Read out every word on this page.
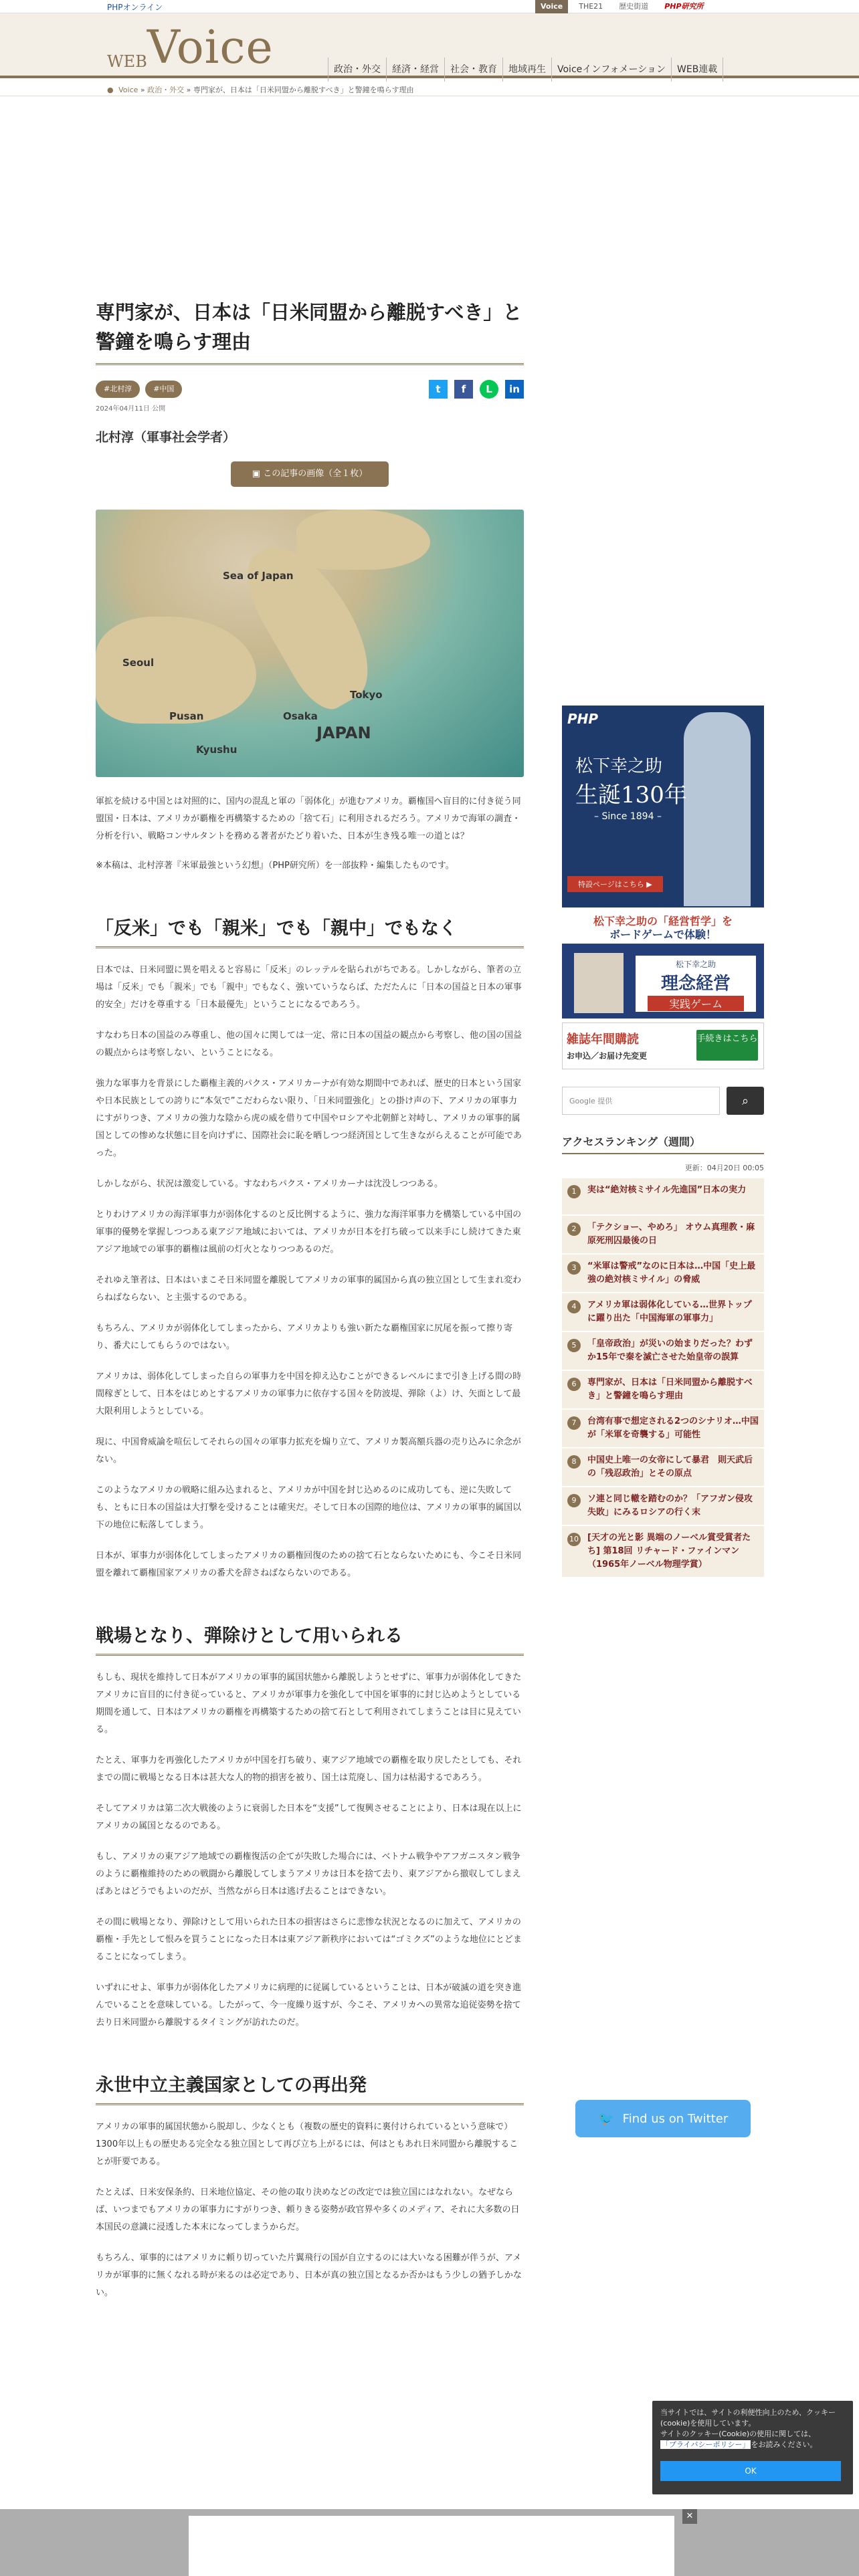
PHPオンライン	Voice	THE21	歴史街道	PHP研究所
WEBVoice	政治・外交	経済・経営	社会・教育	地域再生	Voiceインフォメーション	WEB連載
● Voice » 政治・外交 » 専門家が、日本は「日米同盟から離脱すべき」と警鐘を鳴らす理由
専門家が、日本は「日米同盟から離脱すべき」と警鐘を鳴らす理由
#北村淳	#中国	t	f	L	in
2024年04月11日 公開
北村淳（軍事社会学者）
▣ この記事の画像（全１枚）
Sea of Japan
Seoul
Pusan
Tokyo
Osaka
JAPAN
Kyushu

軍拡を続ける中国とは対照的に、国内の混乱と軍の「弱体化」が進むアメリカ。覇権国へ盲目的に付き従う同盟国・日本は、アメリカが覇権を再構築するための「捨て石」に利用されるだろう。アメリカで海軍の調査・分析を行い、戦略コンサルタントを務める著者がたどり着いた、日本が生き残る唯一の道とは？

※本稿は、北村淳著『米軍最強という幻想』（PHP研究所）を一部抜粋・編集したものです。

「反米」でも「親米」でも「親中」でもなく

日本では、日米同盟に異を唱えると容易に「反米」のレッテルを貼られがちである。しかしながら、筆者の立場は「反米」でも「親米」でも「親中」でもなく、強いていうならば、ただたんに「日本の国益と日本の軍事的安全」だけを尊重する「日本最優先」ということになるであろう。

すなわち日本の国益のみ尊重し、他の国々に関しては一定、常に日本の国益の観点から考察し、他の国の国益の観点からは考察しない、ということになる。

強力な軍事力を背景にした覇権主義的パクス・アメリカーナが有効な期間中であれば、歴史的日本という国家や日本民族としての誇りに“本気で”こだわらない限り、「日米同盟強化」との掛け声の下、アメリカの軍事力にすがりつき、アメリカの強力な陰から虎の威を借りて中国やロシアや北朝鮮と対峙し、アメリカの軍事的属国としての惨めな状態に目を向けずに、国際社会に恥を晒しつつ経済国として生きながらえることが可能であった。

しかしながら、状況は激変している。すなわちパクス・アメリカーナは沈没しつつある。

とりわけアメリカの海洋軍事力が弱体化するのと反比例するように、強力な海洋軍事力を構築している中国の軍事的優勢を掌握しつつある東アジア地域においては、アメリカが日本を打ち破って以来手にし続けてきた東アジア地域での軍事的覇権は風前の灯火となりつつあるのだ。

それゆえ筆者は、日本はいまこそ日米同盟を離脱してアメリカの軍事的属国から真の独立国として生まれ変わらねばならない、と主張するのである。

もちろん、アメリカが弱体化してしまったから、アメリカよりも強い新たな覇権国家に尻尾を振って擦り寄り、番犬にしてもらうのではない。

アメリカは、弱体化してしまった自らの軍事力を中国を抑え込むことができるレベルにまで引き上げる間の時間稼ぎとして、日本をはじめとするアメリカの軍事力に依存する国々を防波堤、弾除（よ）け、矢面として最大限利用しようとしている。

現に、中国脅威論を喧伝してそれらの国々の軍事力拡充を煽り立て、アメリカ製高額兵器の売り込みに余念がない。

このようなアメリカの戦略に組み込まれると、アメリカが中国を封じ込めるのに成功しても、逆に失敗しても、ともに日本の国益は大打撃を受けることは確実だ。そして日本の国際的地位は、アメリカの軍事的属国以下の地位に転落してしまう。

日本が、軍事力が弱体化してしまったアメリカの覇権回復のための捨て石とならないためにも、今こそ日米同盟を離れて覇権国家アメリカの番犬を辞さねばならないのである。

戦場となり、弾除けとして用いられる

もしも、現状を維持して日本がアメリカの軍事的属国状態から離脱しようとせずに、軍事力が弱体化してきたアメリカに盲目的に付き従っていると、アメリカが軍事力を強化して中国を軍事的に封じ込めようとしている期間を通して、日本はアメリカの覇権を再構築するための捨て石として利用されてしまうことは目に見えている。

たとえ、軍事力を再強化したアメリカが中国を打ち破り、東アジア地域での覇権を取り戻したとしても、それまでの間に戦場となる日本は甚大な人的物的損害を被り、国土は荒廃し、国力は枯渇するであろう。

そしてアメリカは第二次大戦後のように衰弱した日本を“支援”して復興させることにより、日本は現在以上にアメリカの属国となるのである。

もし、アメリカの東アジア地域での覇権復活の企てが失敗した場合には、ベトナム戦争やアフガニスタン戦争のように覇権維持のための戦闘から離脱してしまうアメリカは日本を捨て去り、東アジアから撤収してしまえばあとはどうでもよいのだが、当然ながら日本は逃げ去ることはできない。

その間に戦場となり、弾除けとして用いられた日本の損害はさらに悲惨な状況となるのに加えて、アメリカの覇権・手先として恨みを買うことになった日本は東アジア新秩序においては“ゴミクズ”のような地位にとどまることになってしまう。

いずれにせよ、軍事力が弱体化したアメリカに病理的に従属しているということは、日本が破滅の道を突き進んでいることを意味している。したがって、今一度繰り返すが、今こそ、アメリカへの異常な追従姿勢を捨て去り日米同盟から離脱するタイミングが訪れたのだ。

永世中立主義国家としての再出発

アメリカの軍事的属国状態から脱却し、少なくとも（複数の歴史的資料に裏付けられているという意味で）1300年以上もの歴史ある完全なる独立国として再び立ち上がるには、何はともあれ日米同盟から離脱することが肝要である。

たとえば、日米安保条約、日米地位協定、その他の取り決めなどの改定では独立国にはなれない。なぜならば、いつまでもアメリカの軍事力にすがりつき、頼りきる姿勢が政官界や多くのメディア、それに大多数の日本国民の意識に浸透した本末になってしまうからだ。

もちろん、軍事的にはアメリカに頼り切っていた片翼飛行の国が自立するのには大いなる困難が伴うが、アメリカが軍事的に無くなれる時が来るのは必定であり、日本が真の独立国となるか否かはもう少しの猶予しかない。

PHP
松下幸之助
生誕130年
– Since 1894 –
特設ページはこちら ▶
松下幸之助の「経営哲学」を
ボードゲームで体験！
松下幸之助
理念経営
実践ゲーム
雑誌年間購読
お申込／お届け先変更
手続きはこちら
Google 提供	⌕
アクセスランキング（週間）
更新：04月20日 00:05
1	実は“絶対核ミサイル先進国”日本の実力
2	「テクショー、やめろ」 オウム真理教・麻原死刑囚最後の日
3	“米軍は警戒”なのに日本は…中国「史上最強の絶対核ミサイル」の脅威
4	アメリカ軍は弱体化している…世界トップに躍り出た「中国海軍の軍事力」
5	「皇帝政治」が災いの始まりだった？わずか15年で秦を滅亡させた始皇帝の誤算
6	専門家が、日本は「日米同盟から離脱すべき」と警鐘を鳴らす理由
7	台湾有事で想定される2つのシナリオ…中国が「米軍を奇襲する」可能性
8	中国史上唯一の女帝にして暴君　則天武后の「残忍政治」とその原点
9	ソ連と同じ轍を踏むのか？「アフガン侵攻失敗」にみるロシアの行く末
10 [天才の光と影 異端のノーベル賞受賞者たち] 第18回 リチャード・ファインマン（1965年ノーベル物理学賞）
🐦 Find us on Twitter
当サイトでは、サイトの利便性向上のため、クッキー(cookie)を使用しています。
サイトのクッキー(Cookie)の使用に関しては、
「プライバシーポリシー」 をお読みください。
OK
✕
